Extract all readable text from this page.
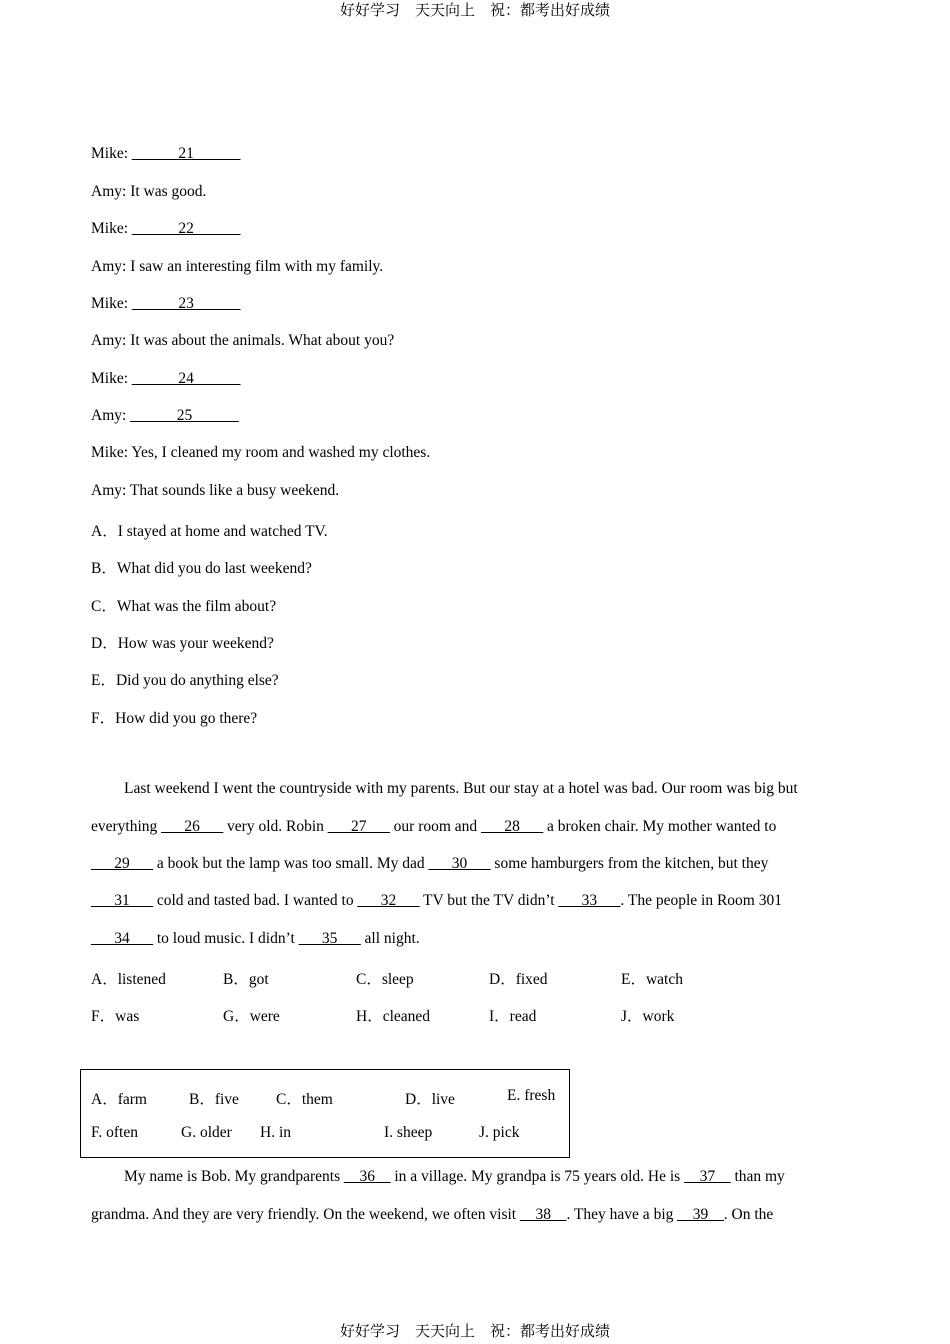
好好学习　天天向上　祝：都考出好成绩
Mike: ______21______
Amy: It was good.
Mike: ______22______
Amy: I saw an interesting film with my family.
Mike: ______23______
Amy: It was about the animals. What about you?
Mike: ______24______
Amy: ______25______
Mike: Yes, I cleaned my room and washed my clothes.
Amy: That sounds like a busy weekend.
A．I stayed at home and watched TV.
B．What did you do last weekend?
C．What was the film about?
D．How was your weekend?
E．Did you do anything else?
F．How did you go there?
Last weekend I went the countryside with my parents. But our stay at a hotel was bad. Our room was big but
everything ___26___ very old. Robin ___27___ our room and ___28___ a broken chair. My mother wanted to
___29___ a book but the lamp was too small. My dad ___30___ some hamburgers from the kitchen, but they
___31___ cold and tasted bad. I wanted to ___32___ TV but the TV didn’t ___33___. The people in Room 301
___34___ to loud music. I didn’t ___35___ all night.
A．listened	B．got	C．sleep	D．fixed	E．watch
F．was	G．were	H．cleaned	I．read	J．work
A．farm	B．five C．them	D．live	E. fresh
F. often	G. older H. in	I. sheep	J. pick
My name is Bob. My grandparents __36__ in a village. My grandpa is 75 years old. He is __37__ than my
grandma. And they are very friendly. On the weekend, we often visit __38__. They have a big __39__. On the
好好学习　天天向上　祝：都考出好成绩
